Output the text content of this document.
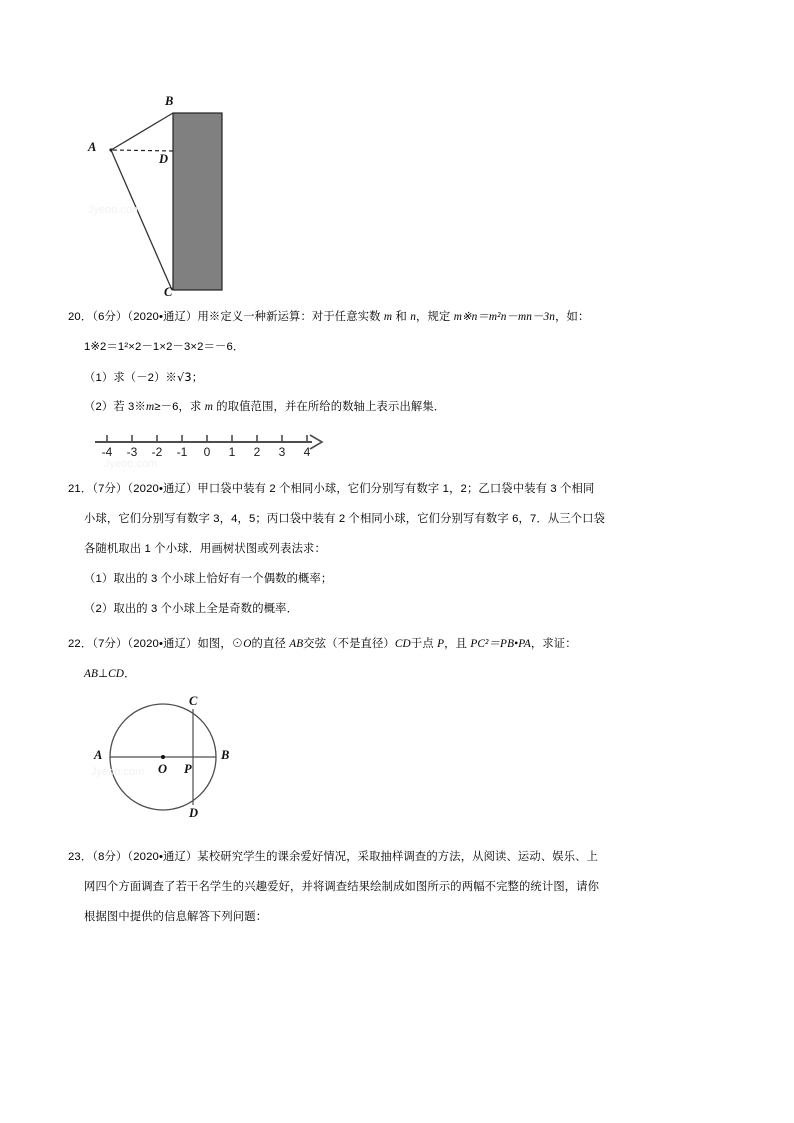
A
B
C
D
Jyeoo.com
20．（6分）（2020•通辽）用※定义一种新运算：对于任意实数 m 和 n，规定 m※n＝m²n－mn－3n，如：
1※2＝1²×2－1×2－3×2＝－6．
（1）求（－2）※√3；
（2）若 3※m≥－6，求 m 的取值范围，并在所给的数轴上表示出解集．
-4	-3	-2	-1	0	1	2	3	4
Jyeoo.com
21．（7分）（2020•通辽）甲口袋中装有 2 个相同小球，它们分别写有数字 1，2；乙口袋中装有 3 个相同
小球，它们分别写有数字 3，4，5；丙口袋中装有 2 个相同小球，它们分别写有数字 6，7．从三个口袋
各随机取出 1 个小球．用画树状图或列表法求：
（1）取出的 3 个小球上恰好有一个偶数的概率；
（2）取出的 3 个小球上全是奇数的概率．
22．（7分）（2020•通辽）如图，⊙O的直径 AB交弦（不是直径）CD于点 P，且 PC²＝PB•PA，求证：
AB⊥CD．
A	B
C
D
O P
Jyeoo.com
23．（8分）（2020•通辽）某校研究学生的课余爱好情况，采取抽样调查的方法，从阅读、运动、娱乐、上
网四个方面调查了若干名学生的兴趣爱好，并将调查结果绘制成如图所示的两幅不完整的统计图，请你
根据图中提供的信息解答下列问题：
